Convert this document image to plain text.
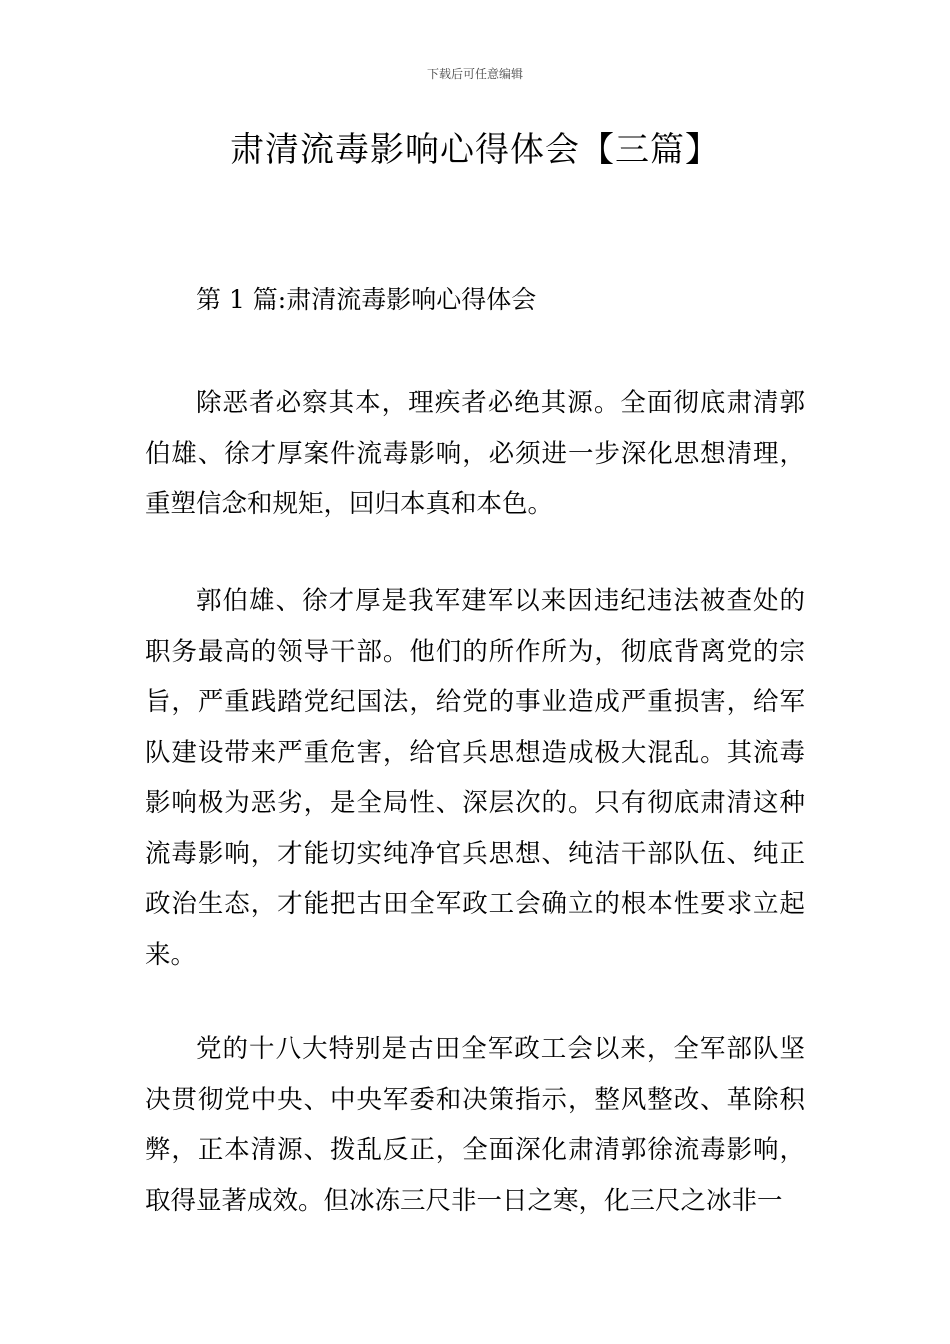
下载后可任意编辑
肃清流毒影响心得体会【三篇】
第 1 篇:肃清流毒影响心得体会

除恶者必察其本，理疾者必绝其源。全面彻底肃清郭伯雄、徐才厚案件流毒影响，必须进一步深化思想清理，重塑信念和规矩，回归本真和本色。

郭伯雄、徐才厚是我军建军以来因违纪违法被查处的职务最高的领导干部。他们的所作所为，彻底背离党的宗旨，严重践踏党纪国法，给党的事业造成严重损害，给军队建设带来严重危害，给官兵思想造成极大混乱。其流毒影响极为恶劣，是全局性、深层次的。只有彻底肃清这种流毒影响，才能切实纯净官兵思想、纯洁干部队伍、纯正政治生态，才能把古田全军政工会确立的根本性要求立起来。

党的十八大特别是古田全军政工会以来，全军部队坚决贯彻党中央、中央军委和决策指示，整风整改、革除积弊，正本清源、拨乱反正，全面深化肃清郭徐流毒影响，取得显著成效。但冰冻三尺非一日之寒，化三尺之冰非一
